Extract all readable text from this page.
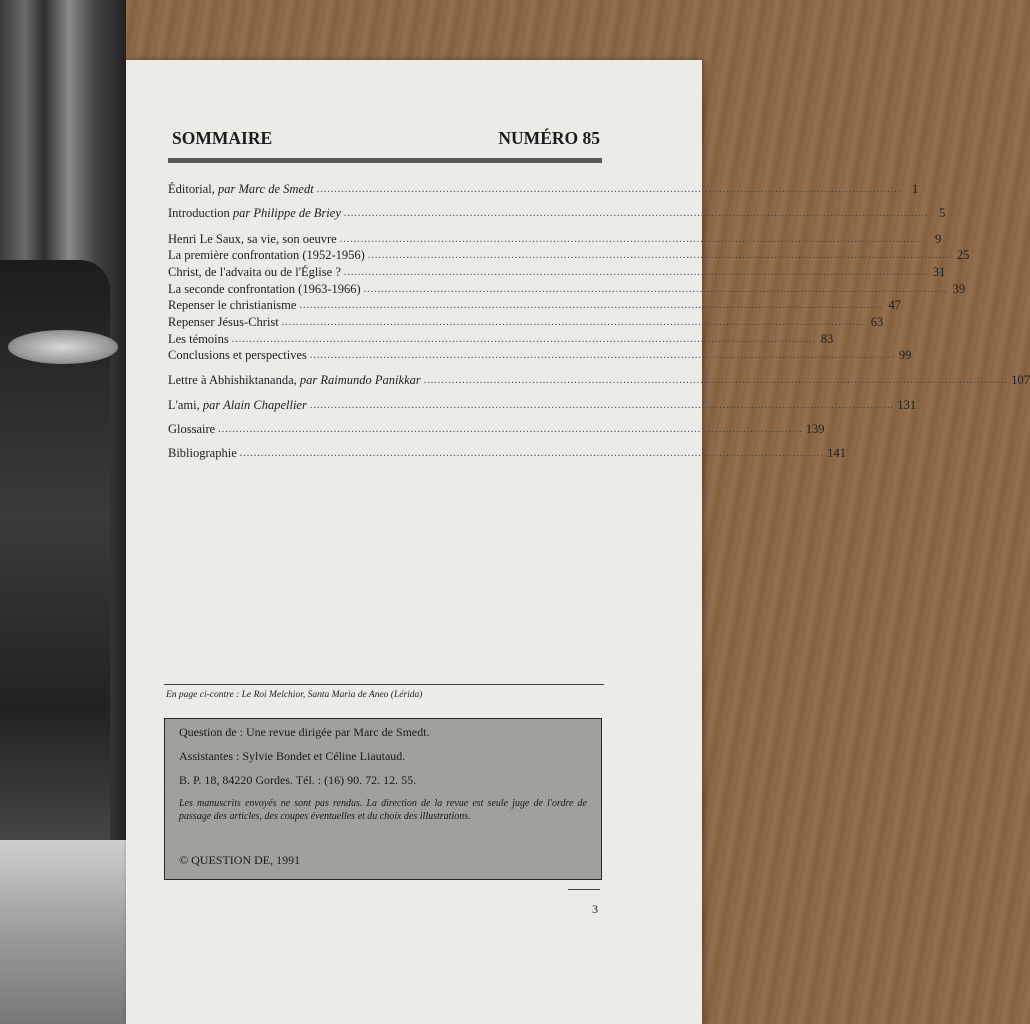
SOMMAIRE	NUMÉRO 85
Éditorial, par Marc de Smedt ....................................................................................................................................................................... 1
Introduction par Philippe de Briey ....................................................................................................................................................................... 5
Henri Le Saux, sa vie, son oeuvre ....................................................................................................................................................................... 9
La première confrontation (1952-1956) ....................................................................................................................................................................... 25
Christ, de l'advaita ou de l'Église ? ....................................................................................................................................................................... 31
La seconde confrontation (1963-1966) ....................................................................................................................................................................... 39
Repenser le christianisme ....................................................................................................................................................................... 47
Repenser Jésus-Christ ....................................................................................................................................................................... 63
Les témoins ....................................................................................................................................................................... 83
Conclusions et perspectives ....................................................................................................................................................................... 99
Lettre à Abhishiktananda, par Raimundo Panikkar ....................................................................................................................................................................... 107
L'ami, par Alain Chapellier ....................................................................................................................................................................... 131
Glossaire ....................................................................................................................................................................... 139
Bibliographie ....................................................................................................................................................................... 141
En page ci-contre : Le Roi Melchior, Santa Maria de Aneo (Lérida)
Question de : Une revue dirigée par Marc de Smedt.
Assistantes : Sylvie Bondet et Céline Liautaud.
B. P. 18, 84220 Gordes. Tél. : (16) 90. 72. 12. 55.
Les manuscrits envoyés ne sont pas rendus. La direction de la revue est seule juge de l'ordre de passage des articles, des coupes éventuelles et du choix des illustrations.
© QUESTION DE, 1991
3
